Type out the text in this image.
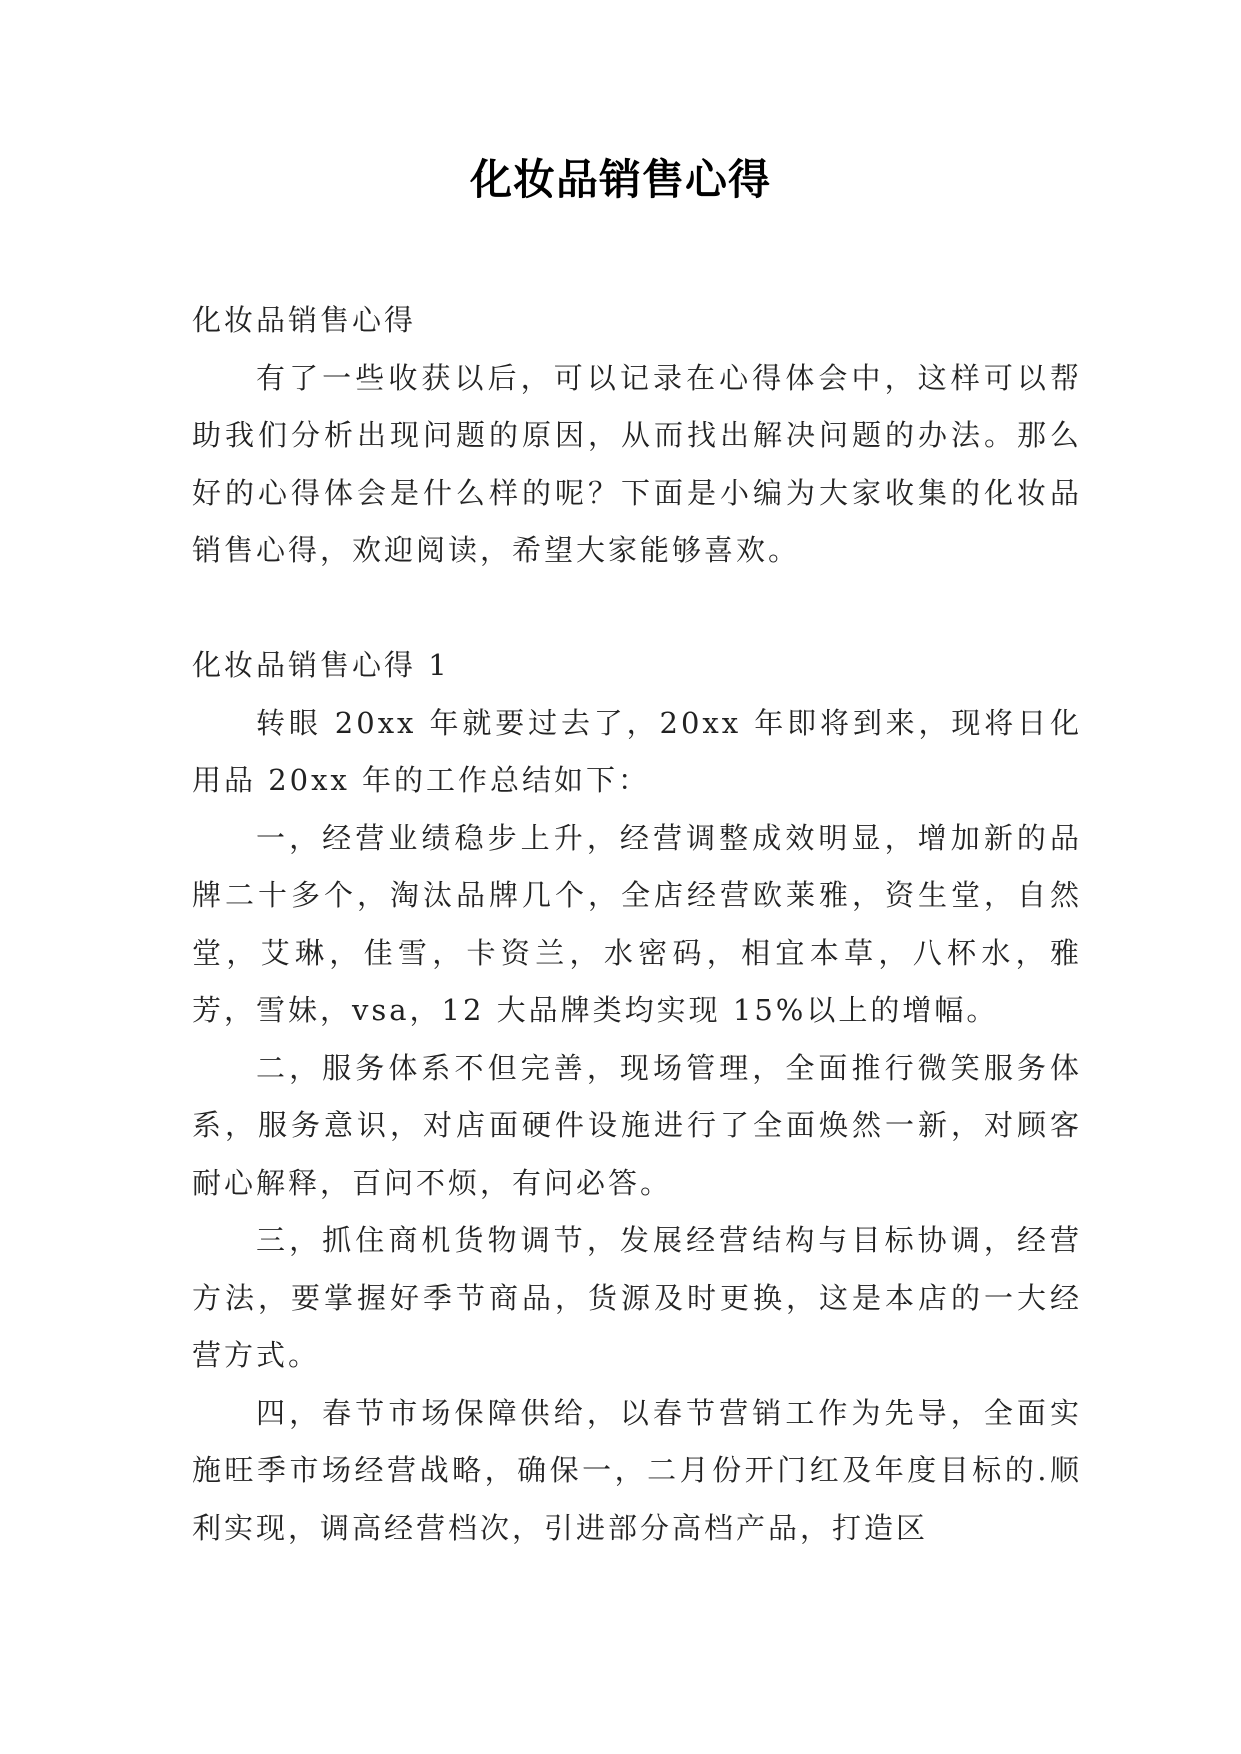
化妆品销售心得

化妆品销售心得

有了一些收获以后，可以记录在心得体会中，这样可以帮助我们分析出现问题的原因，从而找出解决问题的办法。那么好的心得体会是什么样的呢？下面是小编为大家收集的化妆品销售心得，欢迎阅读，希望大家能够喜欢。

化妆品销售心得 1

转眼 20xx 年就要过去了，20xx 年即将到来，现将日化用品 20xx 年的工作总结如下：

一，经营业绩稳步上升，经营调整成效明显，增加新的品牌二十多个，淘汰品牌几个，全店经营欧莱雅，资生堂，自然堂，艾琳，佳雪，卡资兰，水密码，相宜本草，八杯水，雅芳，雪妹，vsa，12 大品牌类均实现 15%以上的增幅。

二，服务体系不但完善，现场管理，全面推行微笑服务体系，服务意识，对店面硬件设施进行了全面焕然一新，对顾客耐心解释，百问不烦，有问必答。

三，抓住商机货物调节，发展经营结构与目标协调，经营方法，要掌握好季节商品，货源及时更换，这是本店的一大经营方式。

四，春节市场保障供给，以春节营销工作为先导，全面实施旺季市场经营战略，确保一，二月份开门红及年度目标的.顺利实现，调高经营档次，引进部分高档产品，打造区
